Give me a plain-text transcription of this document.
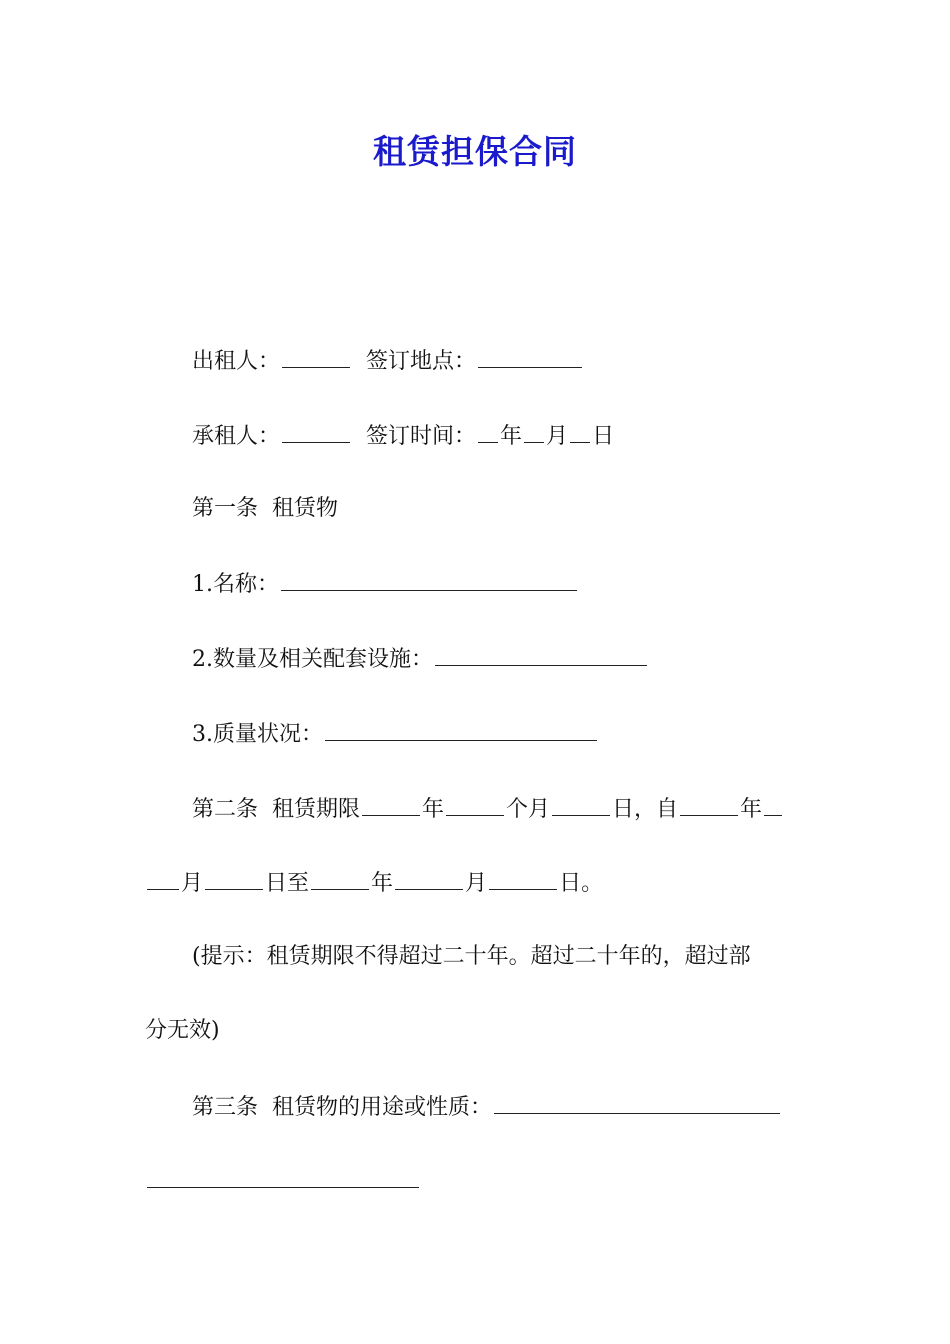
租赁担保合同
出租人：	签订地点：
承租人：	签订时间： 年 月 日
第一条  租赁物
1.名称：
2.数量及相关配套设施：
3.质量状况：
第二条  租赁期限	年	个月	日，自	年
月	日至	年	月	日。
(提示：租赁期限不得超过二十年。超过二十年的，超过部
分无效)
第三条  租赁物的用途或性质：
